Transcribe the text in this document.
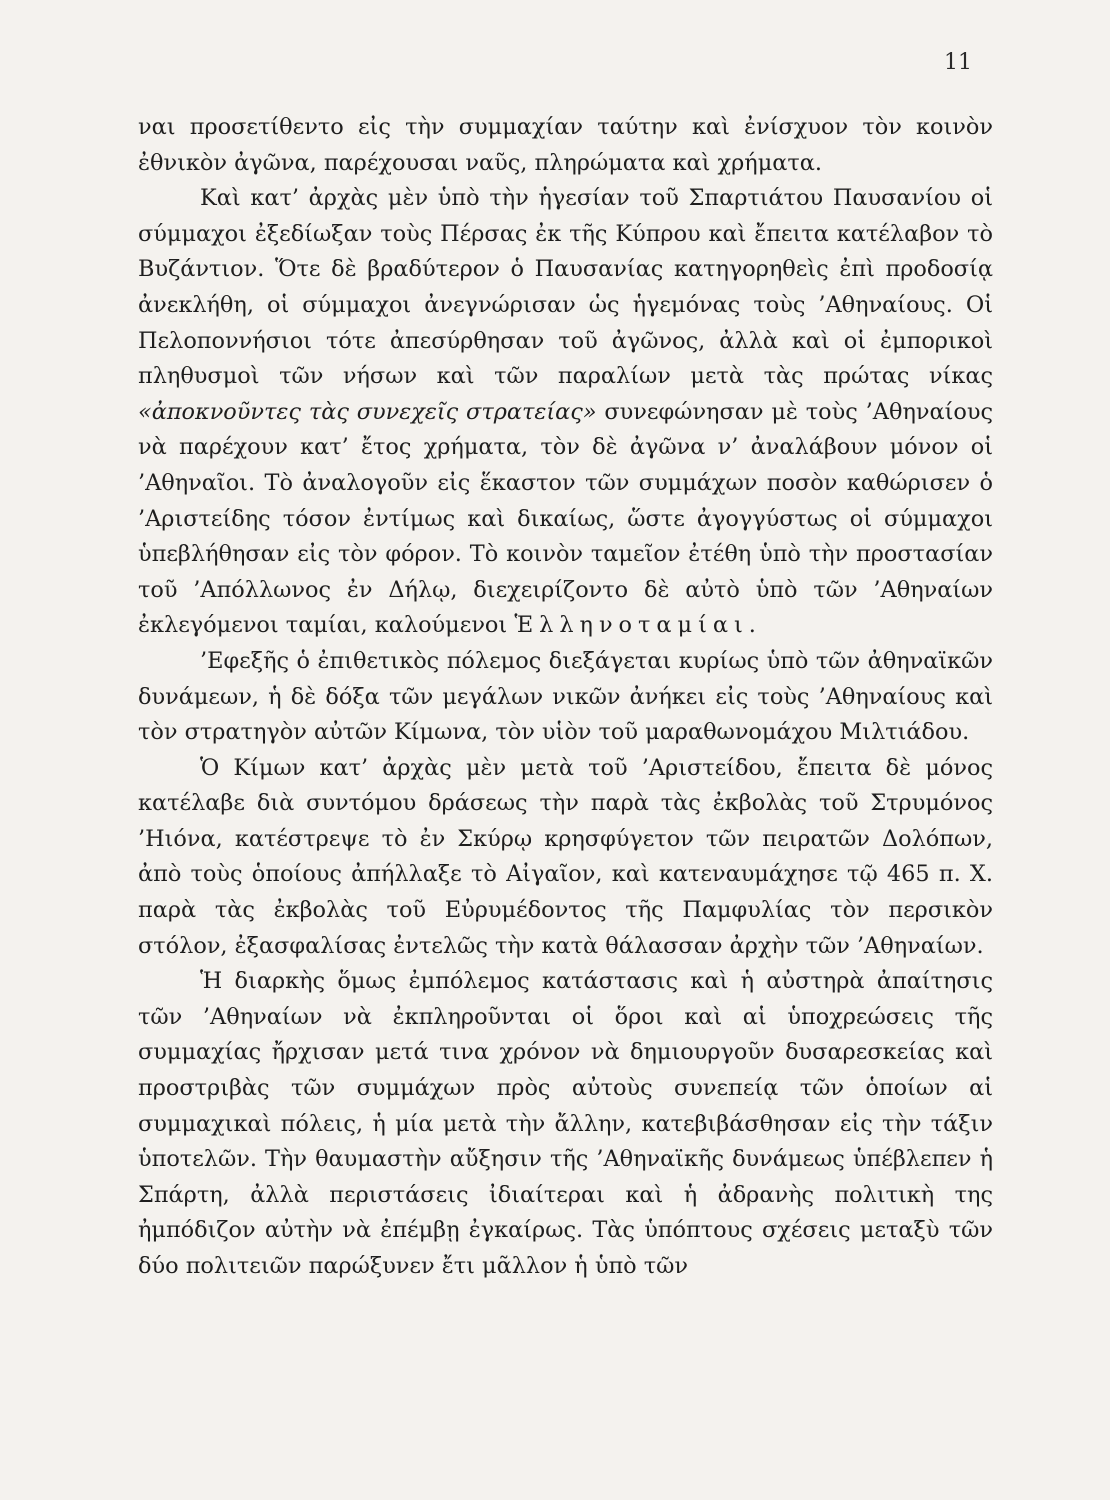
11

ναι προσετίθεντο εἰς τὴν συμμαχίαν ταύτην καὶ ἐνίσχυον τὸν κοινὸν ἐθνικὸν ἀγῶνα, παρέχουσαι ναῦς, πληρώματα καὶ χρήματα.

Καὶ κατ’ ἀρχὰς μὲν ὑπὸ τὴν ἡγεσίαν τοῦ Σπαρτιάτου Παυσανίου οἱ σύμμαχοι ἐξεδίωξαν τοὺς Πέρσας ἐκ τῆς Κύπρου καὶ ἔπειτα κατέλαβον τὸ Βυζάντιον. Ὅτε δὲ βραδύτερον ὁ Παυσανίας κατηγορηθεὶς ἐπὶ προδοσίᾳ ἀνεκλήθη, οἱ σύμμαχοι ἀνεγνώρισαν ὡς ἡγεμόνας τοὺς ’Αθηναίους. Οἱ Πελοποννήσιοι τότε ἀπεσύρθησαν τοῦ ἀγῶνος, ἀλλὰ καὶ οἱ ἐμπορικοὶ πληθυσμοὶ τῶν νήσων καὶ τῶν παραλίων μετὰ τὰς πρώτας νίκας «ἀποκνοῦντες τὰς συνεχεῖς στρατείας» συνεφώνησαν μὲ τοὺς ’Αθηναίους νὰ παρέχουν κατ’ ἔτος χρήματα, τὸν δὲ ἀγῶνα ν’ ἀναλάβουν μόνον οἱ ’Αθηναῖοι. Τὸ ἀναλογοῦν εἰς ἕκαστον τῶν συμμάχων ποσὸν καθώρισεν ὁ ’Αριστείδης τόσον ἐντίμως καὶ δικαίως, ὥστε ἀγογγύστως οἱ σύμμαχοι ὑπεβλήθησαν εἰς τὸν φόρον. Τὸ κοινὸν ταμεῖον ἐτέθη ὑπὸ τὴν προστασίαν τοῦ ’Απόλλωνος ἐν Δήλῳ, διεχειρίζοντο δὲ αὐτὸ ὑπὸ τῶν ’Αθηναίων ἐκλεγόμενοι ταμίαι, καλούμενοι Ἑλληνοταμίαι.

’Εφεξῆς ὁ ἐπιθετικὸς πόλεμος διεξάγεται κυρίως ὑπὸ τῶν ἀθηναϊκῶν δυνάμεων, ἡ δὲ δόξα τῶν μεγάλων νικῶν ἀνήκει εἰς τοὺς ’Αθηναίους καὶ τὸν στρατηγὸν αὐτῶν Κίμωνα, τὸν υἱὸν τοῦ μαραθωνομάχου Μιλτιάδου.

Ὁ Κίμων κατ’ ἀρχὰς μὲν μετὰ τοῦ ’Αριστείδου, ἔπειτα δὲ μόνος κατέλαβε διὰ συντόμου δράσεως τὴν παρὰ τὰς ἐκβολὰς τοῦ Στρυμόνος ’Ηιόνα, κατέστρεψε τὸ ἐν Σκύρῳ κρησφύγετον τῶν πειρατῶν Δολόπων, ἀπὸ τοὺς ὁποίους ἀπήλλαξε τὸ Αἰγαῖον, καὶ κατεναυμάχησε τῷ 465 π. Χ. παρὰ τὰς ἐκβολὰς τοῦ Εὐρυμέδοντος τῆς Παμφυλίας τὸν περσικὸν στόλον, ἐξασφαλίσας ἐντελῶς τὴν κατὰ θάλασσαν ἀρχὴν τῶν ’Αθηναίων.

Ἡ διαρκὴς ὅμως ἐμπόλεμος κατάστασις καὶ ἡ αὐστηρὰ ἀπαίτησις τῶν ’Αθηναίων νὰ ἐκπληροῦνται οἱ ὅροι καὶ αἱ ὑποχρεώσεις τῆς συμμαχίας ἤρχισαν μετά τινα χρόνον νὰ δημιουργοῦν δυσαρεσκείας καὶ προστριβὰς τῶν συμμάχων πρὸς αὐτοὺς συνεπείᾳ τῶν ὁποίων αἱ συμμαχικαὶ πόλεις, ἡ μία μετὰ τὴν ἄλλην, κατεβιβάσθησαν εἰς τὴν τάξιν ὑποτελῶν. Τὴν θαυμαστὴν αὔξησιν τῆς ’Αθηναϊκῆς δυνάμεως ὑπέβλεπεν ἡ Σπάρτη, ἀλλὰ περιστάσεις ἰδιαίτεραι καὶ ἡ ἀδρανὴς πολιτικὴ της ἠμπόδιζον αὐτὴν νὰ ἐπέμβῃ ἐγκαίρως. Τὰς ὑπόπτους σχέσεις μεταξὺ τῶν δύο πολιτειῶν παρώξυνεν ἔτι μᾶλλον ἡ ὑπὸ τῶν
